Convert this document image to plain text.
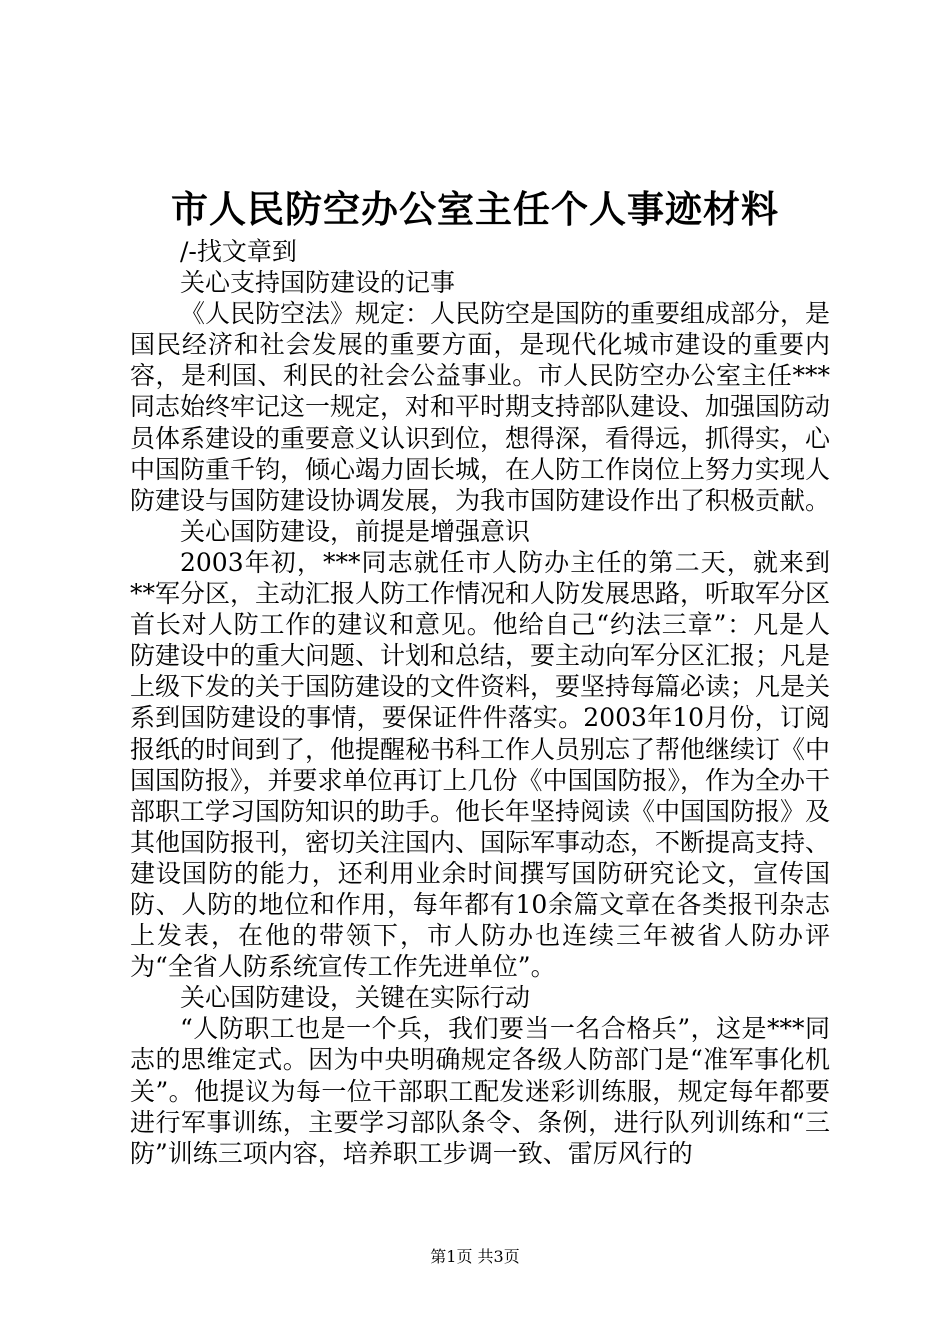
市人民防空办公室主任个人事迹材料

/-找文章到

关心支持国防建设的记事

《人民防空法》规定：人民防空是国防的重要组成部分，是国民经济和社会发展的重要方面，是现代化城市建设的重要内容，是利国、利民的社会公益事业。市人民防空办公室主任***同志始终牢记这一规定，对和平时期支持部队建设、加强国防动员体系建设的重要意义认识到位，想得深，看得远，抓得实，心中国防重千钧，倾心竭力固长城，在人防工作岗位上努力实现人防建设与国防建设协调发展，为我市国防建设作出了积极贡献。

关心国防建设，前提是增强意识

2003年初，***同志就任市人防办主任的第二天，就来到**军分区，主动汇报人防工作情况和人防发展思路，听取军分区首长对人防工作的建议和意见。他给自己“约法三章”：凡是人防建设中的重大问题、计划和总结，要主动向军分区汇报；凡是上级下发的关于国防建设的文件资料，要坚持每篇必读；凡是关系到国防建设的事情，要保证件件落实。2003年10月份，订阅报纸的时间到了，他提醒秘书科工作人员别忘了帮他继续订《中国国防报》，并要求单位再订上几份《中国国防报》，作为全办干部职工学习国防知识的助手。他长年坚持阅读《中国国防报》及其他国防报刊，密切关注国内、国际军事动态，不断提高支持、建设国防的能力，还利用业余时间撰写国防研究论文，宣传国防、人防的地位和作用，每年都有10余篇文章在各类报刊杂志上发表，在他的带领下，市人防办也连续三年被省人防办评为“全省人防系统宣传工作先进单位”。

关心国防建设，关键在实际行动

“人防职工也是一个兵，我们要当一名合格兵”，这是***同志的思维定式。因为中央明确规定各级人防部门是“准军事化机关”。他提议为每一位干部职工配发迷彩训练服，规定每年都要进行军事训练，主要学习部队条令、条例，进行队列训练和“三防”训练三项内容，培养职工步调一致、雷厉风行的

第1页 共3页
